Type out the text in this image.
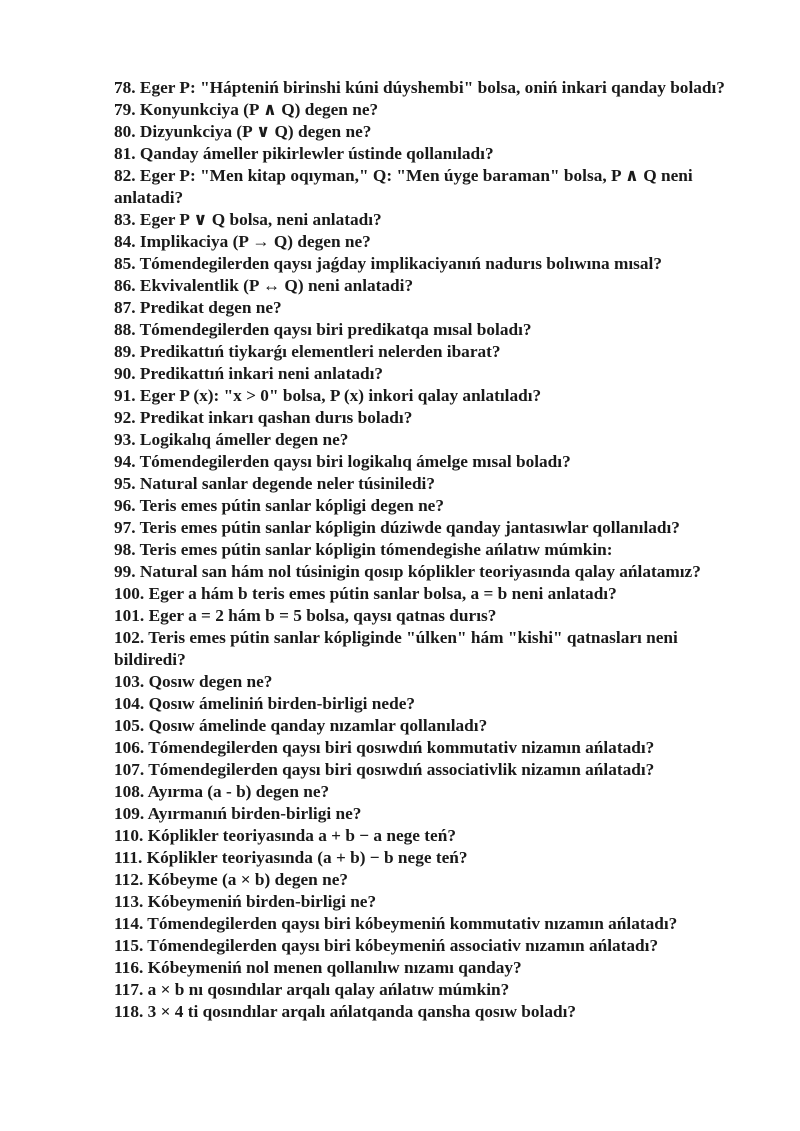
78. Eger P: "Hápteniń birinshi kúni dúyshembi" bolsa, oniń inkari qanday boladı?
79. Konyunkciya (P ∧ Q) degen ne?
80. Dizyunkciya (P ∨ Q) degen ne?
81. Qanday ámeller pikirlewler ústinde qollanıladı?
82. Eger P: "Men kitap oqıyman," Q: "Men úyge baraman" bolsa, P ∧ Q neni anlatadi?
83. Eger P ∨ Q bolsa, neni anlatadı?
84. Implikaciya (P → Q) degen ne?
85. Tómendegilerden qaysı jaǵday implikaciyanıń nadurıs bolıwına mısal?
86. Ekvivalentlik (P ↔ Q) neni anlatadi?
87. Predikat degen ne?
88. Tómendegilerden qaysı biri predikatqa mısal boladı?
89. Predikattıń tiykarǵı elementleri nelerden ibarat?
90. Predikattıń inkari neni anlatadı?
91. Eger P (x): "x > 0" bolsa, P (x) inkori qalay anlatıladı?
92. Predikat inkarı qashan durıs boladı?
93. Logikalıq ámeller degen ne?
94. Tómendegilerden qaysı biri logikalıq ámelge mısal boladı?
95. Natural sanlar degende neler túsiniledi?
96. Teris emes pútin sanlar kópligi degen ne?
97. Teris emes pútin sanlar kópligin dúziwde qanday jantasıwlar qollanıladı?
98. Teris emes pútin sanlar kópligin tómendegishe ańlatıw múmkin:
99. Natural san hám nol túsinigin qosıp kóplikler teoriyasında qalay ańlatamız?
100. Eger a hám b teris emes pútin sanlar bolsa, a = b neni anlatadı?
101. Eger a = 2 hám b = 5 bolsa, qaysı qatnas durıs?
102. Teris emes pútin sanlar kópliginde "úlken" hám "kishi" qatnasları neni bildiredi?
103. Qosıw degen ne?
104. Qosıw ámeliniń birden-birligi nede?
105. Qosıw ámelinde qanday nızamlar qollanıladı?
106. Tómendegilerden qaysı biri qosıwdıń kommutativ nizamın ańlatadı?
107. Tómendegilerden qaysı biri qosıwdıń associativlik nizamın ańlatadı?
108. Ayırma (a - b) degen ne?
109. Ayırmanıń birden-birligi ne?
110. Kóplikler teoriyasında a + b − a nege teń?
111. Kóplikler teoriyasında (a + b) − b nege teń?
112. Kóbeyme (a × b) degen ne?
113. Kóbeymeniń birden-birligi ne?
114. Tómendegilerden qaysı biri kóbeymeniń kommutativ nızamın ańlatadı?
115. Tómendegilerden qaysı biri kóbeymeniń associativ nızamın ańlatadı?
116. Kóbeymeniń nol menen qollanılıw nızamı qanday?
117. a × b nı qosındılar arqalı qalay ańlatıw múmkin?
118. 3 × 4 ti qosındılar arqalı ańlatqanda qansha qosıw boladı?
